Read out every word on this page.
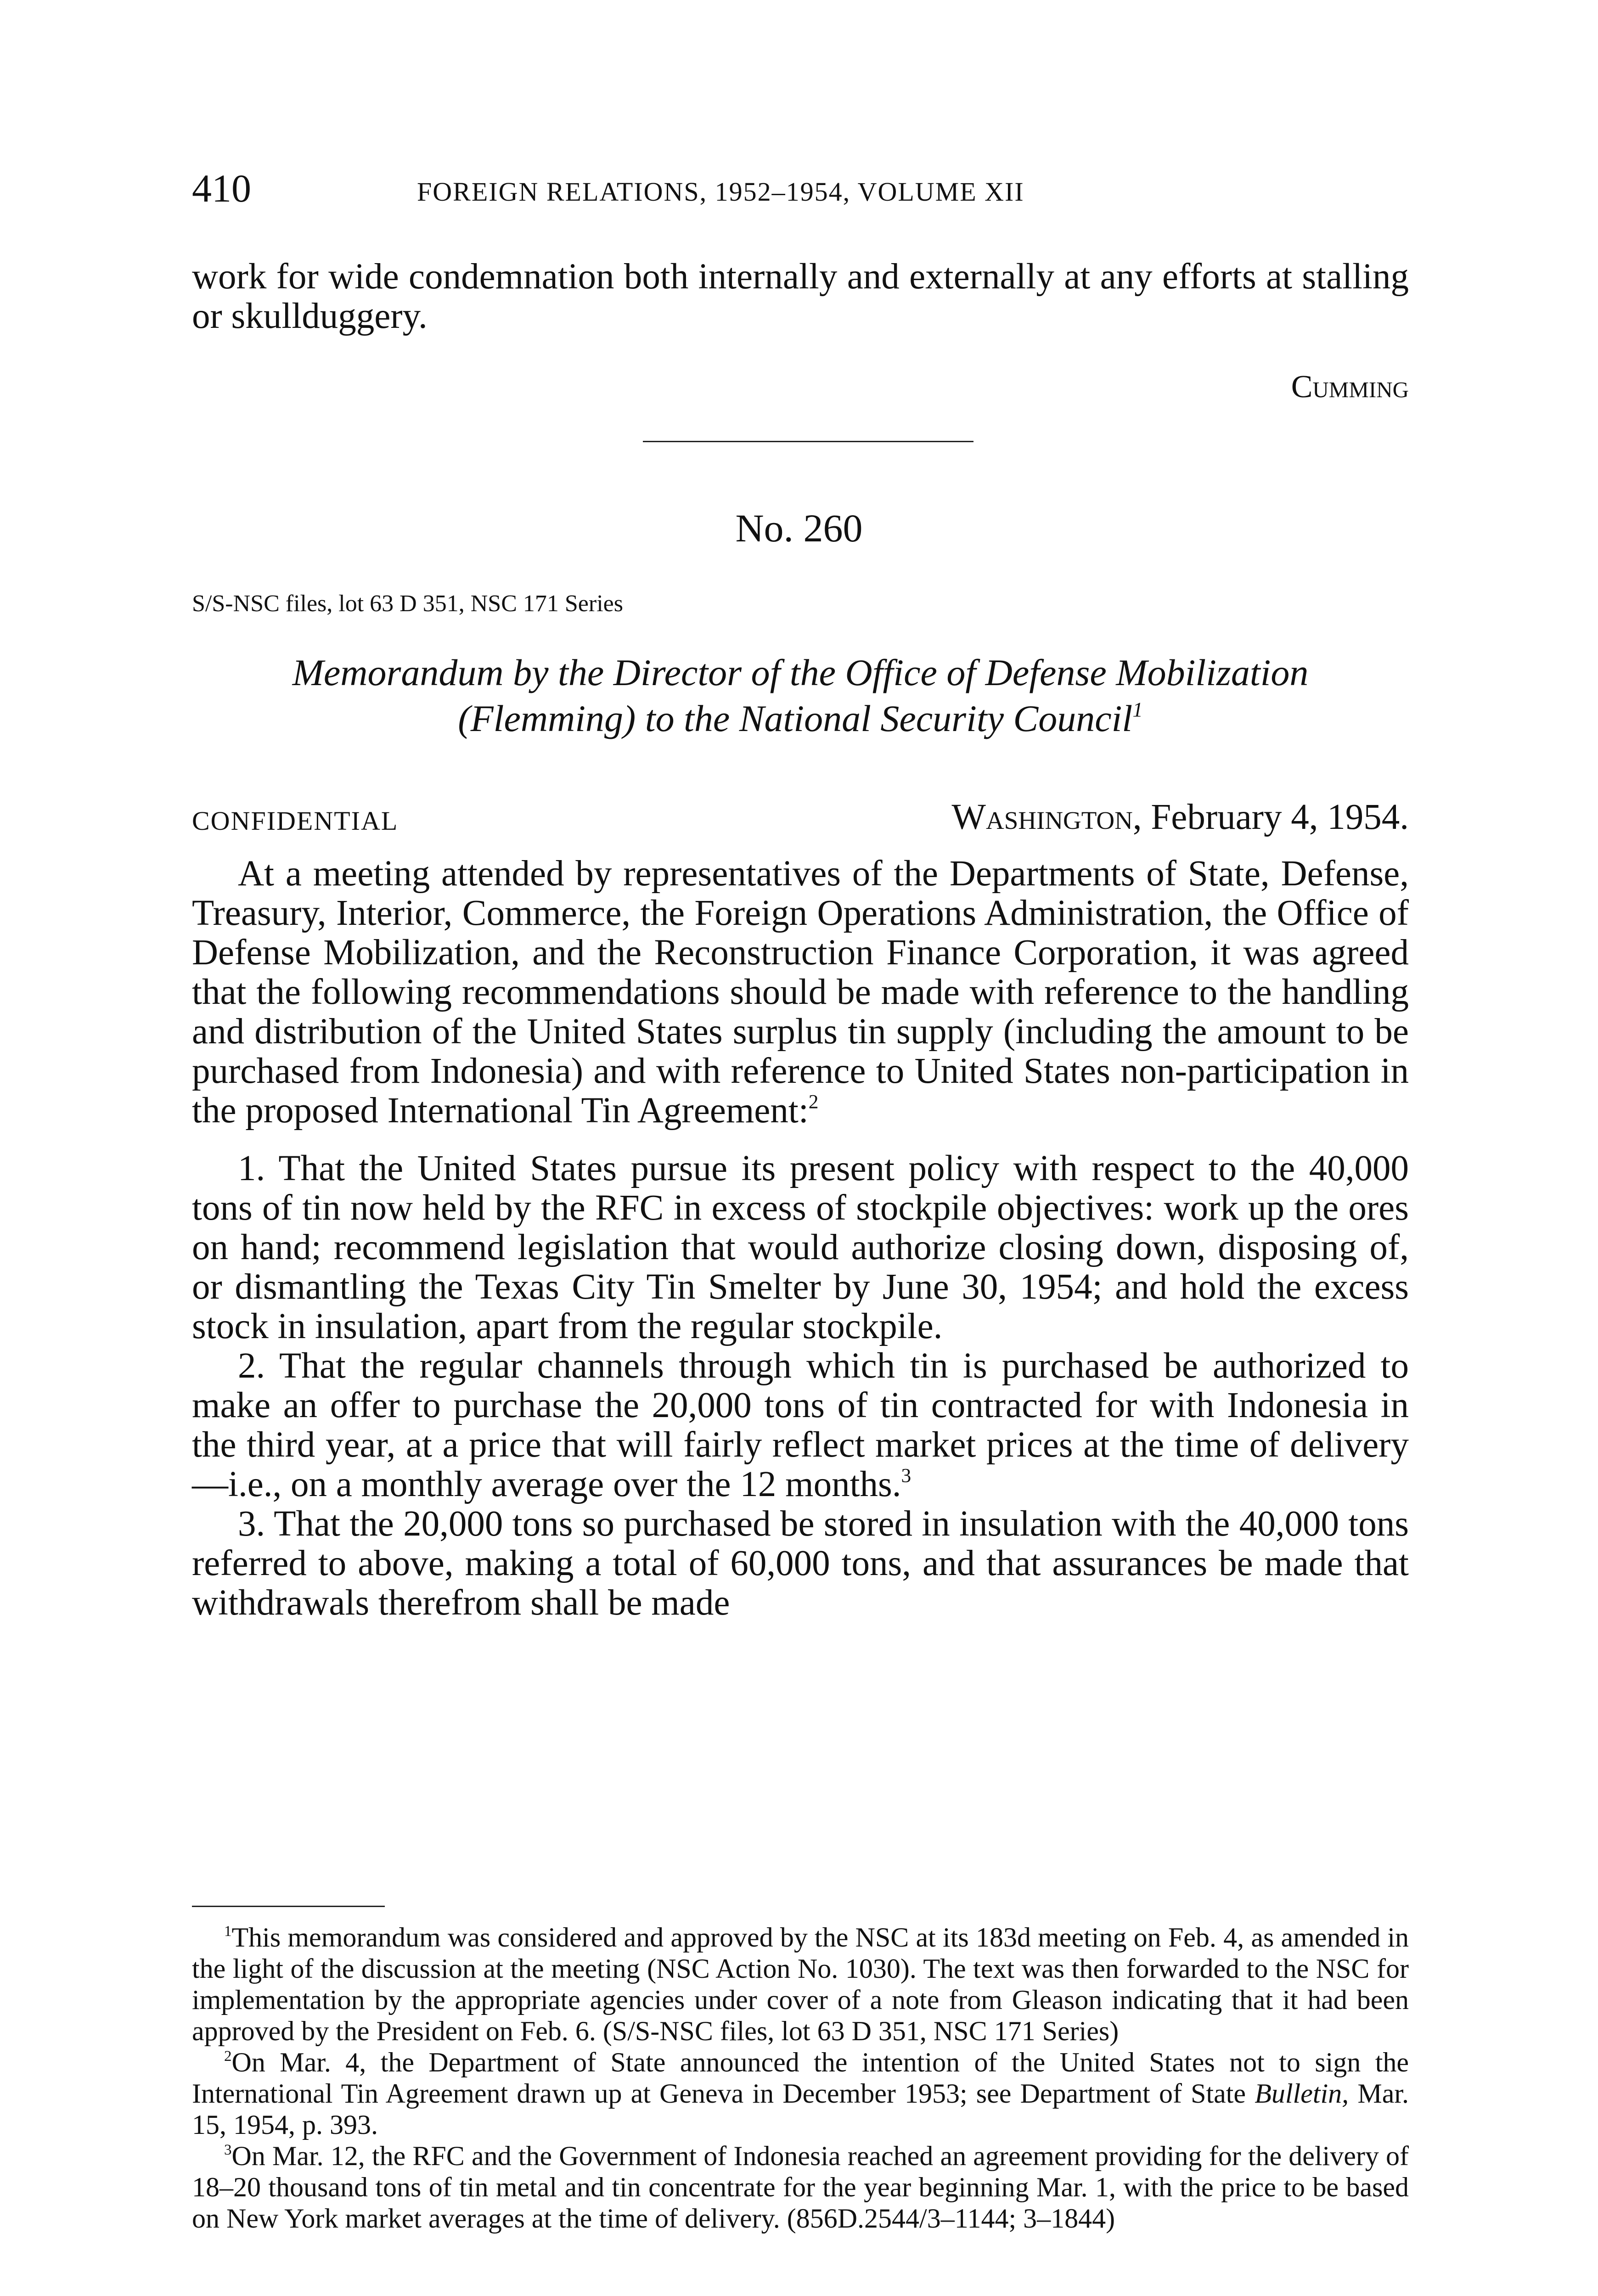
410	FOREIGN RELATIONS, 1952–1954, VOLUME XII

work for wide condemnation both internally and externally at any efforts at stalling or skullduggery.

Cumming
No. 260
S/S-NSC files, lot 63 D 351, NSC 171 Series
Memorandum by the Director of the Office of Defense Mobilization
(Flemming) to the National Security Council$^1$
CONFIDENTIAL	Washington, February 4, 1954.

At a meeting attended by representatives of the Departments of State, Defense, Treasury, Interior, Commerce, the Foreign Operations Administration, the Office of Defense Mobilization, and the Reconstruction Finance Corporation, it was agreed that the following recommendations should be made with reference to the handling and distribution of the United States surplus tin supply (including the amount to be purchased from Indonesia) and with reference to United States non-participation in the proposed International Tin Agreement:$^2$

1. That the United States pursue its present policy with respect to the 40,000 tons of tin now held by the RFC in excess of stockpile objectives: work up the ores on hand; recommend legislation that would authorize closing down, disposing of, or dismantling the Texas City Tin Smelter by June 30, 1954; and hold the excess stock in insulation, apart from the regular stockpile.

2. That the regular channels through which tin is purchased be authorized to make an offer to purchase the 20,000 tons of tin contracted for with Indonesia in the third year, at a price that will fairly reflect market prices at the time of delivery—i.e., on a monthly average over the 12 months.$^3$

3. That the 20,000 tons so purchased be stored in insulation with the 40,000 tons referred to above, making a total of 60,000 tons, and that assurances be made that withdrawals therefrom shall be made

$^1$This memorandum was considered and approved by the NSC at its 183d meeting on Feb. 4, as amended in the light of the discussion at the meeting (NSC Action No. 1030). The text was then forwarded to the NSC for implementation by the appropriate agencies under cover of a note from Gleason indicating that it had been approved by the President on Feb. 6. (S/S-NSC files, lot 63 D 351, NSC 171 Series)

$^2$On Mar. 4, the Department of State announced the intention of the United States not to sign the International Tin Agreement drawn up at Geneva in December 1953; see Department of State Bulletin, Mar. 15, 1954, p. 393.

$^3$On Mar. 12, the RFC and the Government of Indonesia reached an agreement providing for the delivery of 18–20 thousand tons of tin metal and tin concentrate for the year beginning Mar. 1, with the price to be based on New York market averages at the time of delivery. (856D.2544/3–1144; 3–1844)
